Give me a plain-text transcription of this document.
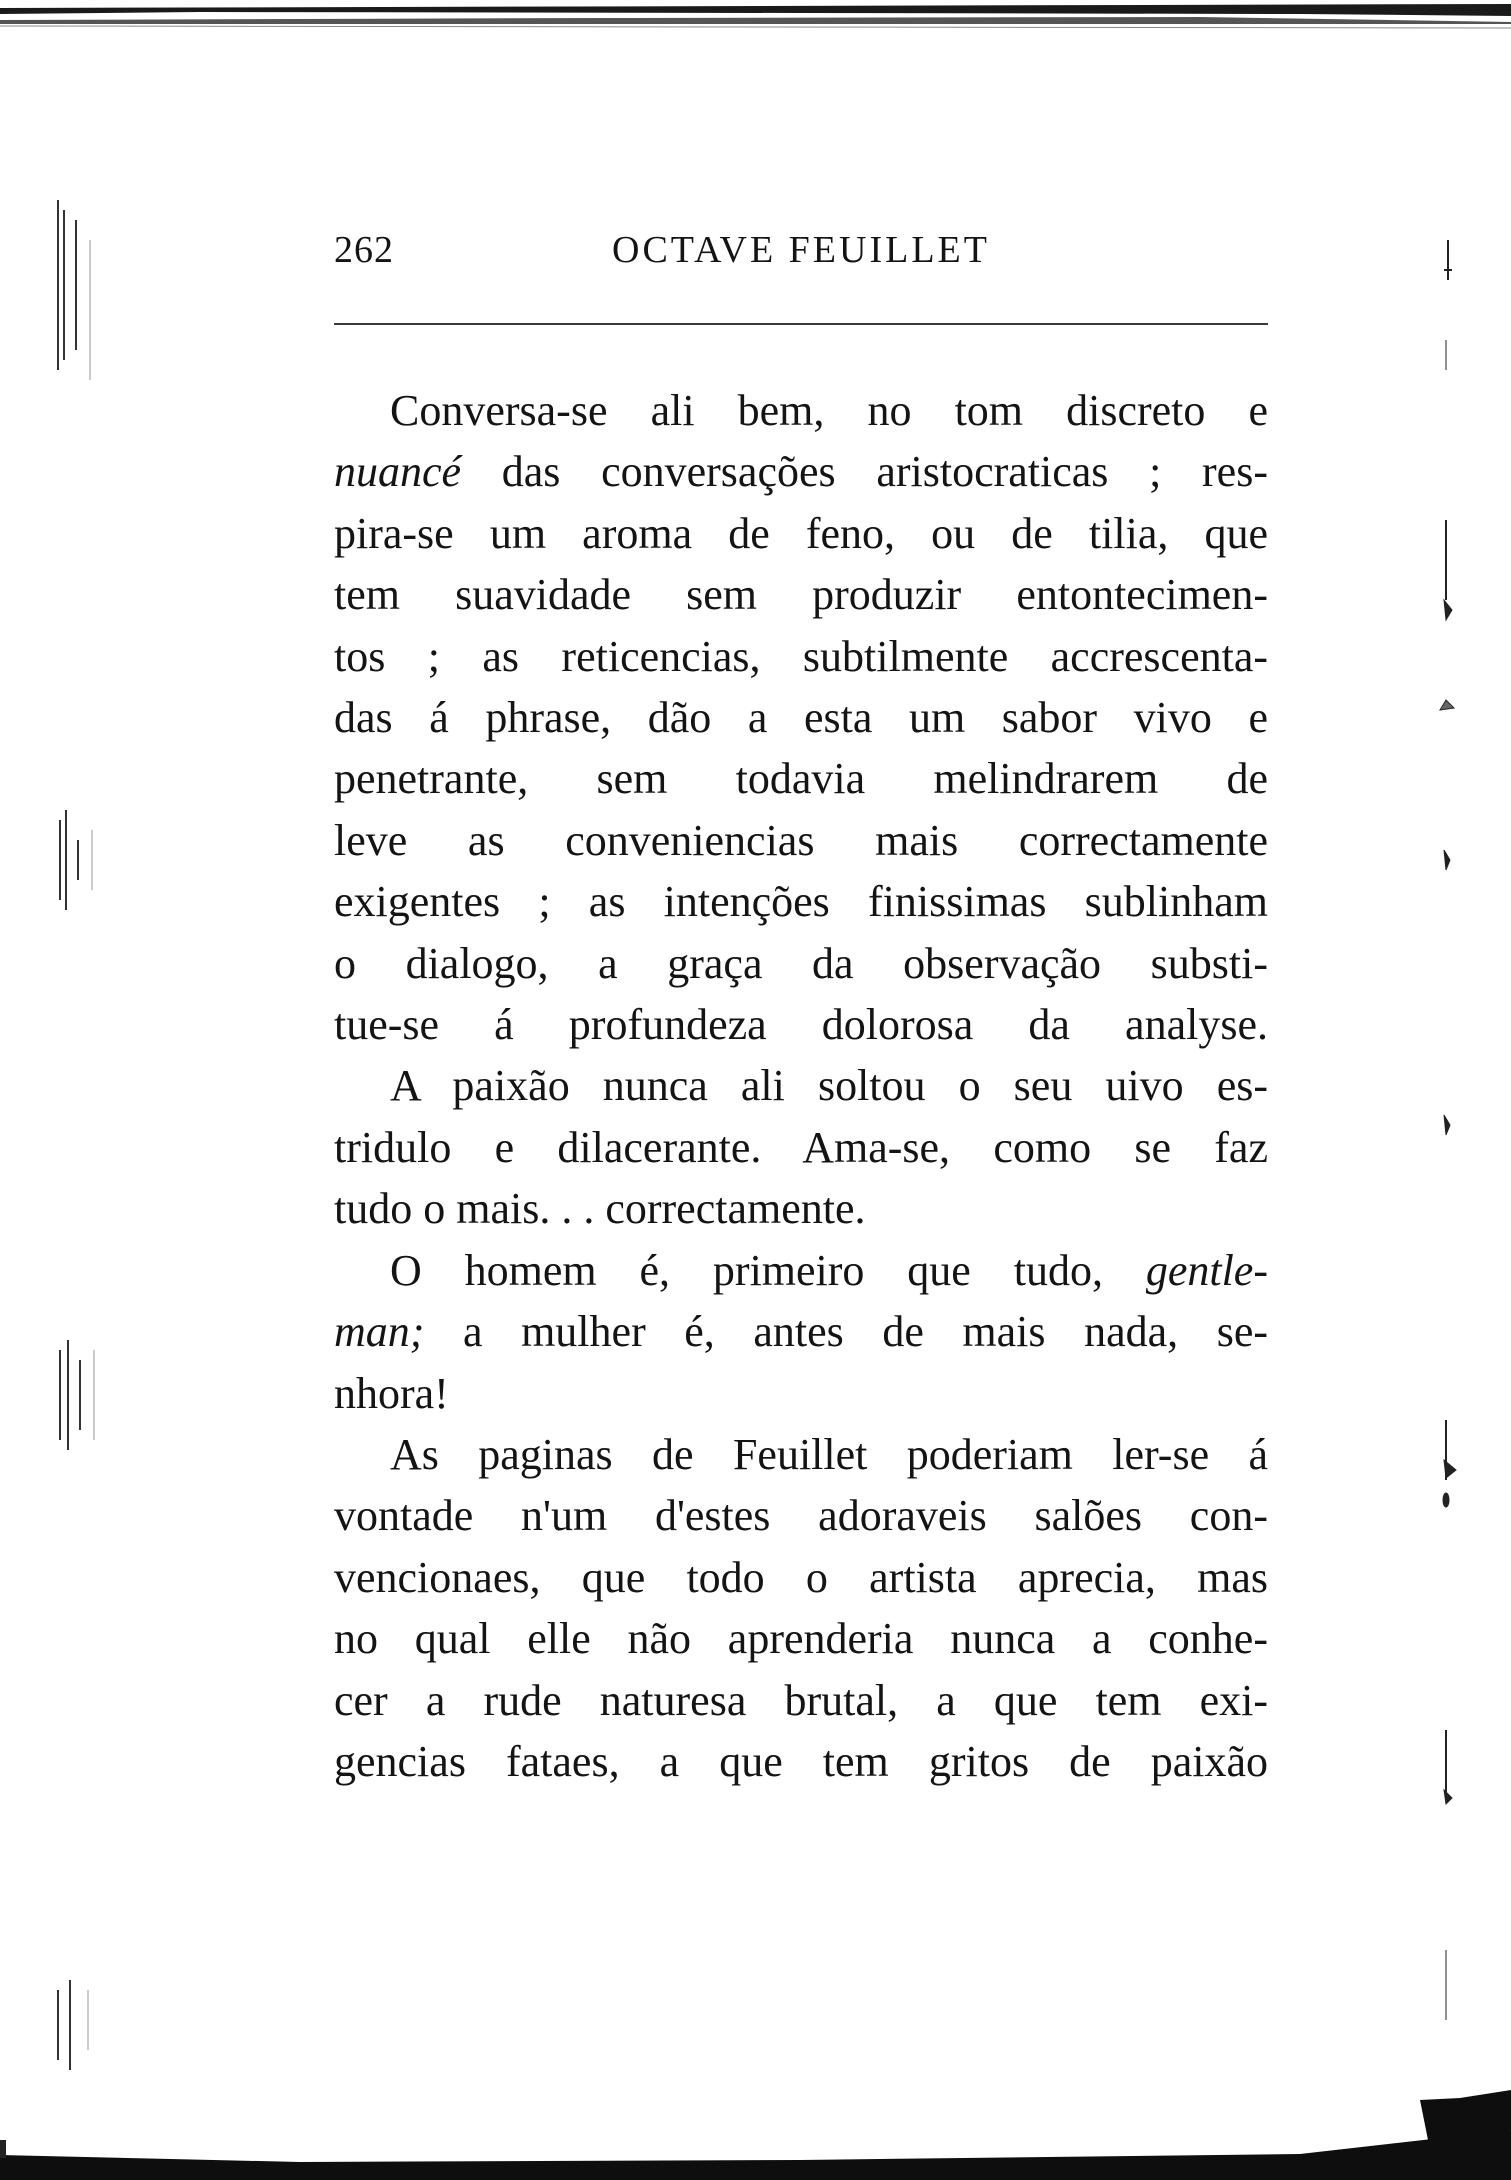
262	OCTAVE FEUILLET

Conversa-se ali bem, no tom discreto e

nuancé das conversações aristocraticas ; res-

pira-se um aroma de feno, ou de tilia, que

tem suavidade sem produzir entontecimen-

tos ; as reticencias, subtilmente accrescenta-

das á phrase, dão a esta um sabor vivo e

penetrante, sem todavia melindrarem de

leve as conveniencias mais correctamente

exigentes ; as intenções finissimas sublinham

o dialogo, a graça da observação substi-

tue-se á profundeza dolorosa da analyse.

A paixão nunca ali soltou o seu uivo es-

tridulo e dilacerante. Ama-se, como se faz

tudo o mais. . . correctamente.

O homem é, primeiro que tudo, gentle-

man; a mulher é, antes de mais nada, se-

nhora!

As paginas de Feuillet poderiam ler-se á

vontade n'um d'estes adoraveis salões con-

vencionaes, que todo o artista aprecia, mas

no qual elle não aprenderia nunca a conhe-

cer a rude naturesa brutal, a que tem exi-

gencias fataes, a que tem gritos de paixão
